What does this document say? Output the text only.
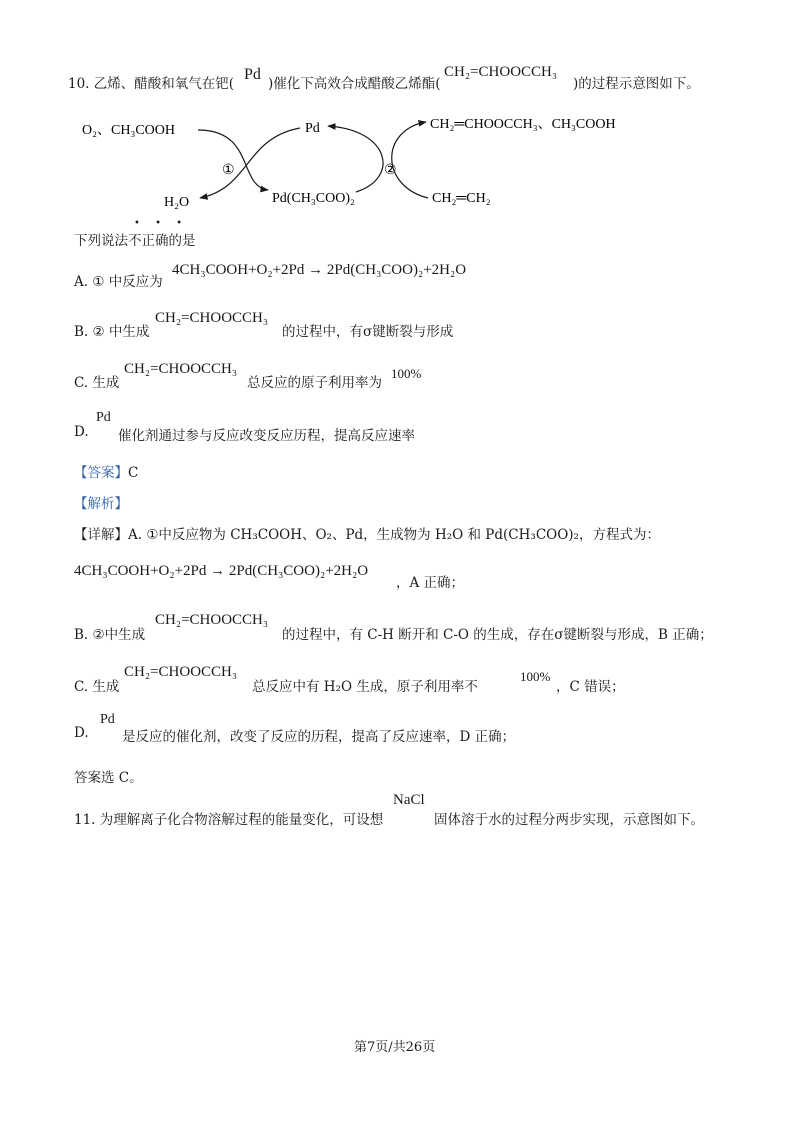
10. 乙烯、醋酸和氧气在钯(
Pd
)催化下高效合成醋酸乙烯酯(
CH₂=CHOOCCH₃
)的过程示意图如下。
O₂、CH₃COOH	Pd	CH₂═CHOOCCH₃、CH₃COOH
H₂O	Pd(CH₃COO)₂	CH₂═CH₂
①	②
• • •
下列说法不正确的是
A. ① 中反应为
4CH₃COOH+O₂+2Pd → 2Pd(CH₃COO)₂+2H₂O
B. ② 中生成
CH₂=CHOOCCH₃
的过程中，有σ键断裂与形成
C. 生成
CH₂=CHOOCCH₃
总反应的原子利用率为
100%
Pd
D. 催化剂通过参与反应改变反应历程，提高反应速率
【答案】C
【解析】
【详解】A. ①中反应物为 CH₃COOH、O₂、Pd，生成物为 H₂O 和 Pd(CH₃COO)₂，方程式为：
4CH₃COOH+O₂+2Pd → 2Pd(CH₃COO)₂+2H₂O
，A 正确；
B. ②中生成
CH₂=CHOOCCH₃
的过程中，有 C-H 断开和 C-O 的生成，存在σ键断裂与形成，B 正确；
C. 生成
CH₂=CHOOCCH₃
总反应中有 H₂O 生成，原子利用率不
100%
，C 错误；
Pd
D. 是反应的催化剂，改变了反应的历程，提高了反应速率，D 正确；
答案选 C。
11. 为理解离子化合物溶解过程的能量变化，可设想
NaCl
固体溶于水的过程分两步实现，示意图如下。
第7页/共26页
